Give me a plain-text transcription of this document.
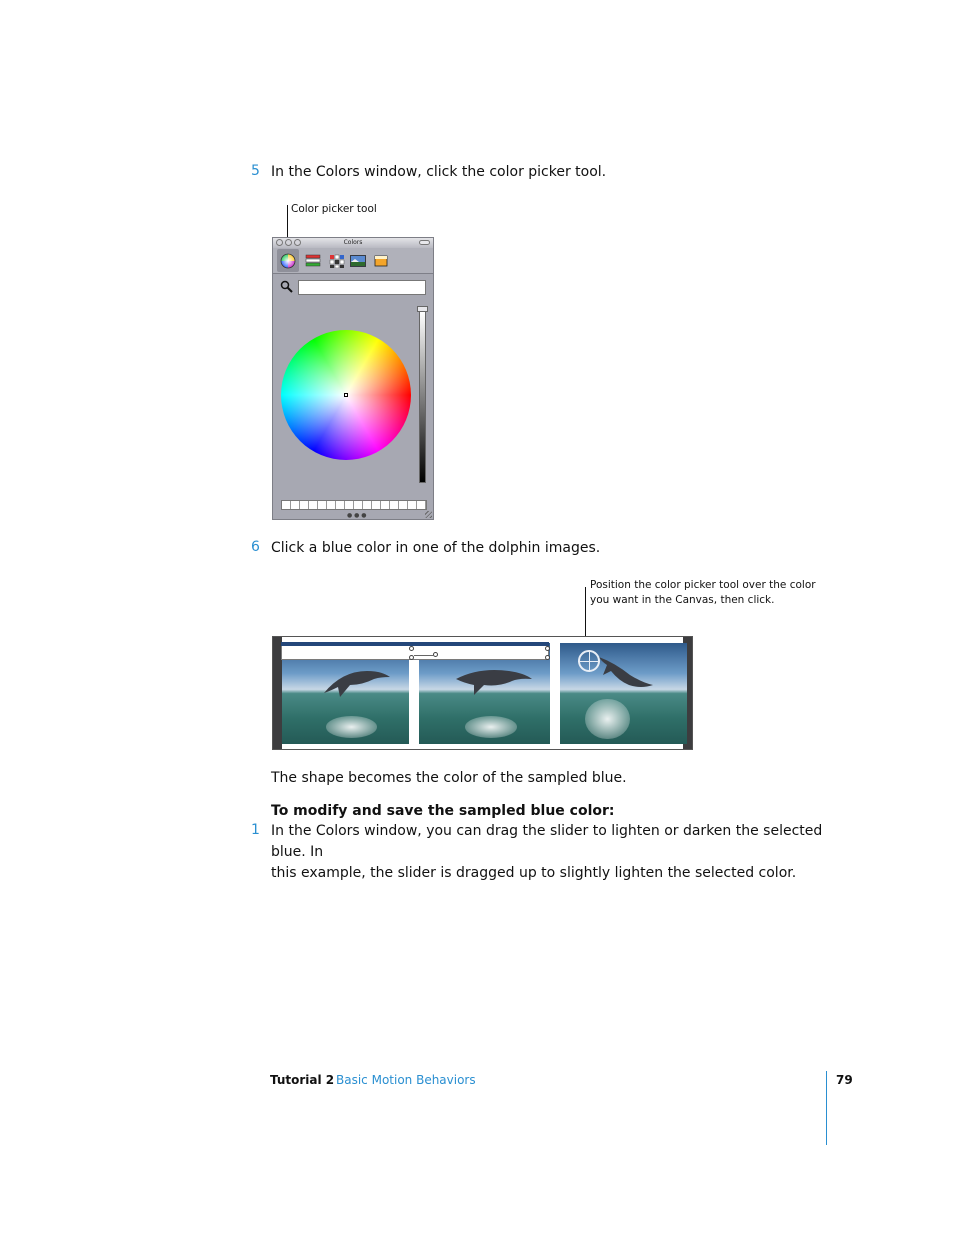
5 In the Colors window, click the color picker tool.
Color picker tool
Colors
● ● ●
6 Click a blue color in one of the dolphin images.
Position the color picker tool over the color
you want in the Canvas, then click.
The shape becomes the color of the sampled blue.
To modify and save the sampled blue color:
1 In the Colors window, you can drag the slider to lighten or darken the selected blue. In
this example, the slider is dragged up to slightly lighten the selected color.
Tutorial 2 Basic Motion Behaviors	79
